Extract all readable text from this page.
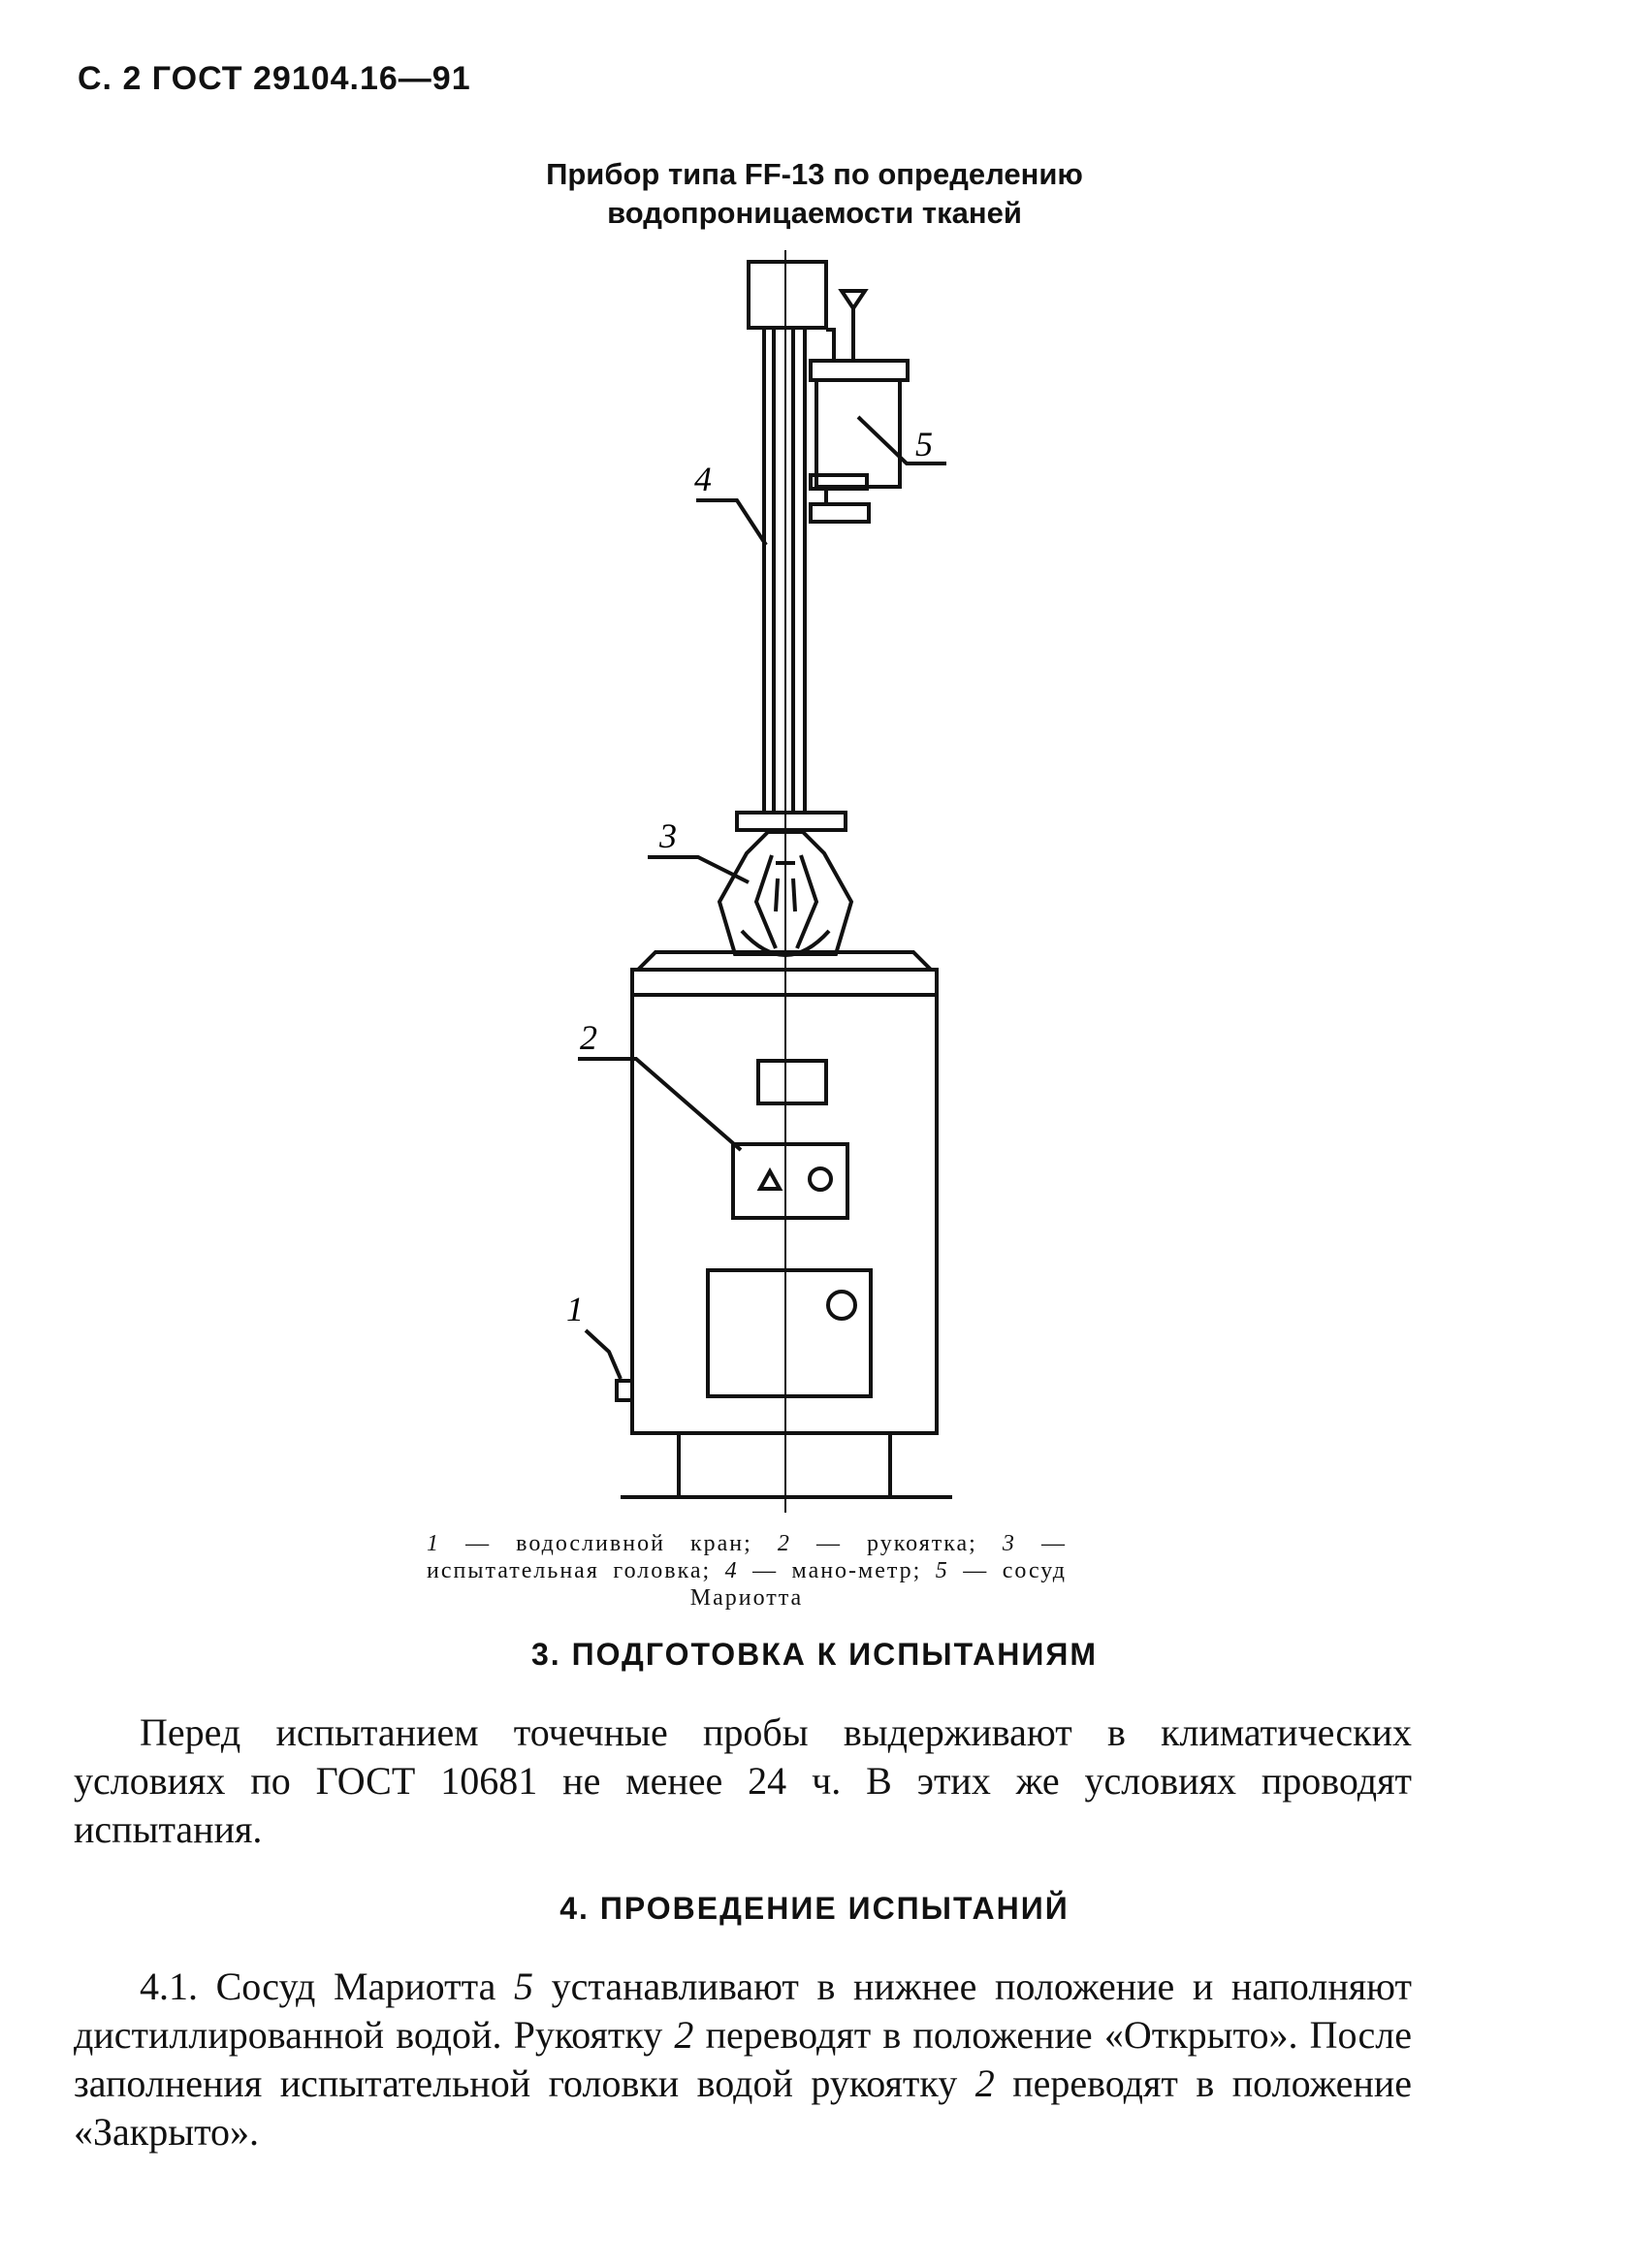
С. 2 ГОСТ 29104.16—91
Прибор типа FF-13 по определению
водопроницаемости тканей
5
4
3
2
1
1 — водосливной кран; 2 — рукоятка; 3 — испытательная головка; 4 — мано-метр; 5 — сосуд Мариотта
3. ПОДГОТОВКА К ИСПЫТАНИЯМ
Перед испытанием точечные пробы выдерживают в климатических условиях по ГОСТ 10681 не менее 24 ч. В этих же условиях проводят испытания.
4. ПРОВЕДЕНИЕ ИСПЫТАНИЙ
4.1. Сосуд Мариотта 5 устанавливают в нижнее положение и наполняют дистиллированной водой. Рукоятку 2 переводят в положение «Открыто». После заполнения испытательной головки водой рукоятку 2 переводят в положение «Закрыто».
